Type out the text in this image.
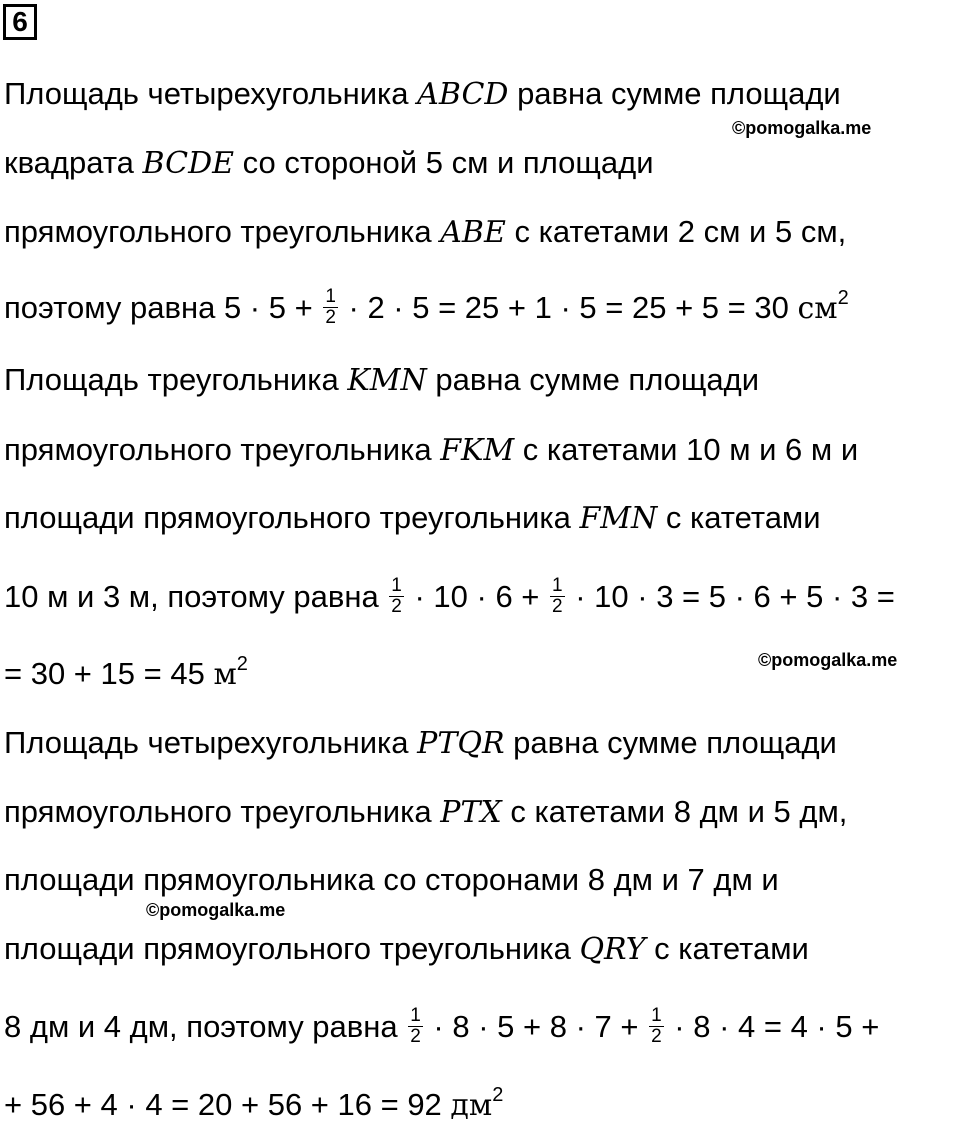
6
Площадь четырехугольника ABCD равна сумме площади
©pomogalka.me
квадрата BCDE со стороной 5 см и площади
прямоугольного треугольника ABE с катетами 2 см и 5 см,
поэтому равна $5 \cdot 5 + \frac{1}{2} \cdot 2 \cdot 5 = 25 + 1 \cdot 5 = 25 + 5 = 30$ $см^2$
Площадь треугольника KMN равна сумме площади
прямоугольного треугольника FKM с катетами 10 м и 6 м и
площади прямоугольного треугольника FMN с катетами
10 м и 3 м, поэтому равна $\frac{1}{2} \cdot 10 \cdot 6 + \frac{1}{2} \cdot 10 \cdot 3 = 5 \cdot 6 + 5 \cdot 3$ =
= 30 + 15 = 45 $м^2$	©pomogalka.me
Площадь четырехугольника PTQR равна сумме площади
прямоугольного треугольника PTX с катетами 8 дм и 5 дм,
площади прямоугольника со сторонами 8 дм и 7 дм и
©pomogalka.me
площади прямоугольного треугольника QRY с катетами
8 дм и 4 дм, поэтому равна $\frac{1}{2} \cdot 8 \cdot 5 + 8 \cdot 7 + \frac{1}{2} \cdot 8 \cdot 4 = 4 \cdot 5$ +
+ 56 + 4 · 4 = 20 + 56 + 16 = 92 $дм^2$
